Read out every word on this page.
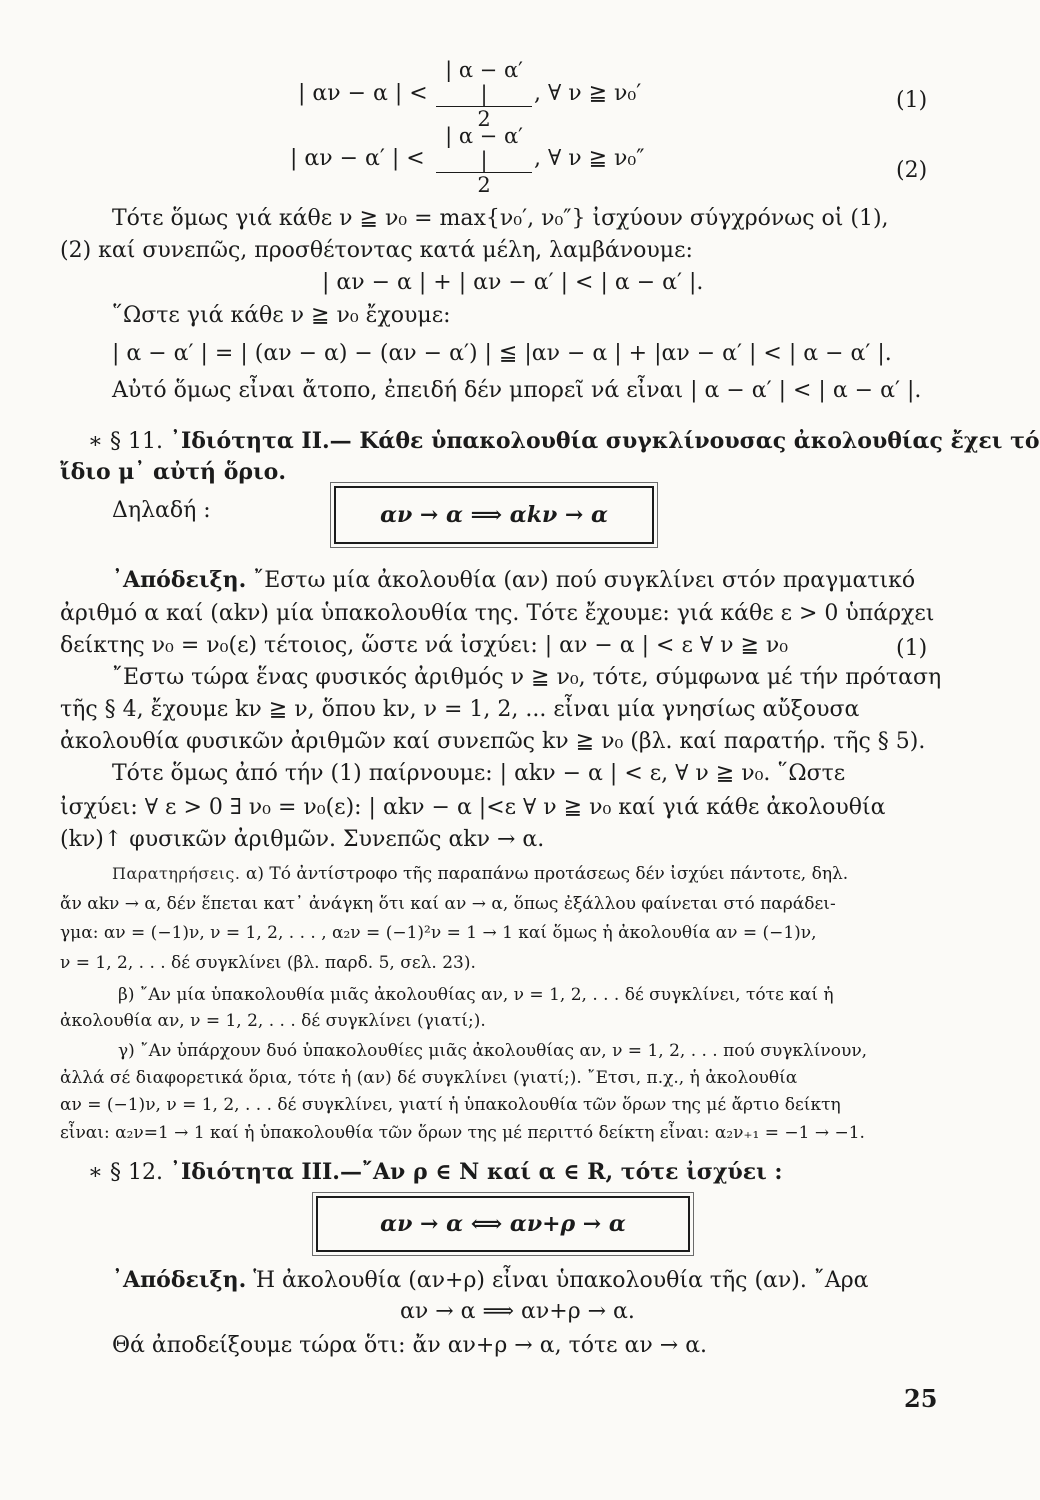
| αν − α | < $\frac{| \alpha - \alpha' |}{2}$ , ∀ ν ≧ ν₀′	(1)
| αν − α′ | < $\frac{| \alpha - \alpha' |}{2}$ , ∀ ν ≧ ν₀″	(2)
Τότε ὅμως γιά κάθε ν ≧ ν₀ = max{ν₀′, ν₀″} ἰσχύουν σύγχρόνως οἱ (1),
(2) καί συνεπῶς, προσθέτοντας κατά μέλη, λαμβάνουμε:
| αν − α | + | αν − α′ | < | α − α′ |.
῞Ωστε γιά κάθε ν ≧ ν₀ ἔχουμε:
| α − α′ | = | (αν − α) − (αν − α′) | ≦ |αν − α | + |αν − α′ | < | α − α′ |.
Αὐτό ὅμως εἶναι ἄτοπο, ἐπειδή δέν μπορεῖ νά εἶναι | α − α′ | < | α − α′ |.
∗ § 11. ᾿Ιδιότητα ΙΙ.— Κάθε ὑπακολουθία συγκλίνουσας ἀκολουθίας ἔχει τό
ἴδιο μ᾿ αὐτή ὅριο.
Δηλαδή :	αν → α ⟹ αkν → α
᾿Απόδειξη. ῎Εστω μία ἀκολουθία (αν) πού συγκλίνει στόν πραγματικό
ἀριθμό α καί (αkν) μία ὑπακολουθία της. Τότε ἔχουμε: γιά κάθε ε > 0 ὑπάρχει
δείκτης ν₀ = ν₀(ε) τέτοιος, ὥστε νά ἰσχύει: | αν − α | < ε ∀ ν ≧ ν₀	(1)
῎Εστω τώρα ἕνας φυσικός ἀριθμός ν ≧ ν₀, τότε, σύμφωνα μέ τήν πρόταση
τῆς § 4, ἔχουμε kν ≧ ν, ὅπου kν, ν = 1, 2, ... εἶναι μία γνησίως αὔξουσα
ἀκολουθία φυσικῶν ἀριθμῶν καί συνεπῶς kν ≧ ν₀ (βλ. καί παρατήρ. τῆς § 5).
Τότε ὅμως ἀπό τήν (1) παίρνουμε: | αkν − α | < ε, ∀ ν ≧ ν₀. ῞Ωστε
ἰσχύει: ∀ ε > 0 ∃ ν₀ = ν₀(ε): | αkν − α |<ε ∀ ν ≧ ν₀ καί γιά κάθε ἀκολουθία
(kν)↑ φυσικῶν ἀριθμῶν. Συνεπῶς αkν → α.
Παρατηρήσεις. α) Τό ἀντίστροφο τῆς παραπάνω προτάσεως δέν ἰσχύει πάντοτε, δηλ.
ἄν αkν → α, δέν ἕπεται κατ᾿ ἀνάγκη ὅτι καί αν → α, ὅπως ἐξάλλου φαίνεται στό παράδει-
γμα: αν = (−1)ν, ν = 1, 2, . . . , α₂ν = (−1)²ν = 1 → 1 καί ὅμως ἡ ἀκολουθία αν = (−1)ν,
ν = 1, 2, . . . δέ συγκλίνει (βλ. παρδ. 5, σελ. 23).
β) ῎Αν μία ὑπακολουθία μιᾶς ἀκολουθίας αν, ν = 1, 2, . . . δέ συγκλίνει, τότε καί ἡ
ἀκολουθία αν, ν = 1, 2, . . . δέ συγκλίνει (γιατί;).
γ) ῎Αν ὑπάρχουν δυό ὑπακολουθίες μιᾶς ἀκολουθίας αν, ν = 1, 2, . . . πού συγκλίνουν,
ἀλλά σέ διαφορετικά ὅρια, τότε ἡ (αν) δέ συγκλίνει (γιατί;). ῎Ετσι, π.χ., ἡ ἀκολουθία
αν = (−1)ν, ν = 1, 2, . . . δέ συγκλίνει, γιατί ἡ ὑπακολουθία τῶν ὅρων της μέ ἄρτιο δείκτη
εἶναι: α₂ν=1 → 1 καί ἡ ὑπακολουθία τῶν ὅρων της μέ περιττό δείκτη εἶναι: α₂ν₊₁ = −1 → −1.
∗ § 12. ᾿Ιδιότητα ΙΙΙ.—῎Αν ρ ∈ Ν καί α ∈ R, τότε ἰσχύει :
αν → α ⟺ αν+ρ → α
᾿Απόδειξη. Ἡ ἀκολουθία (αν+ρ) εἶναι ὑπακολουθία τῆς (αν). ῎Αρα
αν → α ⟹ αν+ρ → α.
Θά ἀποδείξουμε τώρα ὅτι: ἄν αν+ρ → α, τότε αν → α.
25
